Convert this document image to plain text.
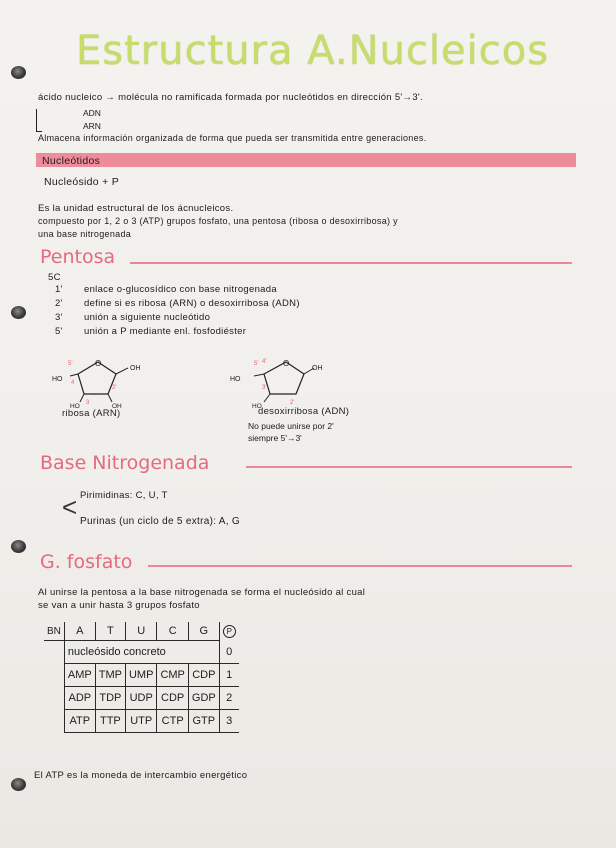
Estructura A.Nucleicos
ácido nucleico → molécula no ramificada formada por nucleótidos en dirección 5'→3'.
ADN
ARN
Almacena información organizada de forma que pueda ser transmitida entre generaciones.
Nucleótidos
Nucleósido + P
Es la unidad estructural de los ácnucleicos.
compuesto por 1, 2 o 3 (ATP) grupos fosfato, una pentosa (ribosa o desoxirribosa) y
una base nitrogenada
Pentosa
5C
1' enlace o-glucosídico con base nitrogenada
2' define si es ribosa (ARN) o desoxirribosa (ADN)
3' unión a siguiente nucleótido
5' unión a P mediante enl. fosfodiéster
O
OH
HO
5'
4
3
2'
HO	OH
ribosa (ARN)
O
OH
HO
5' 4'
3'
2'
HO
desoxirribosa (ADN)
No puede unirse por 2'
siempre 5'→3'
Base Nitrogenada
< Pirimidinas: C, U, T
Purinas (un ciclo de 5 extra): A, G
G. fosfato
Al unirse la pentosa a la base nitrogenada se forma el nucleósido al cual
se van a unir hasta 3 grupos fosfato
BN	A	T	U	C	G	P
	nucleósido concreto					0
	AMP	TMP	UMP	CMP	CDP	1
	ADP	TDP	UDP	CDP	GDP	2
	ATP	TTP	UTP	CTP	GTP	3
El ATP es la moneda de intercambio energético
